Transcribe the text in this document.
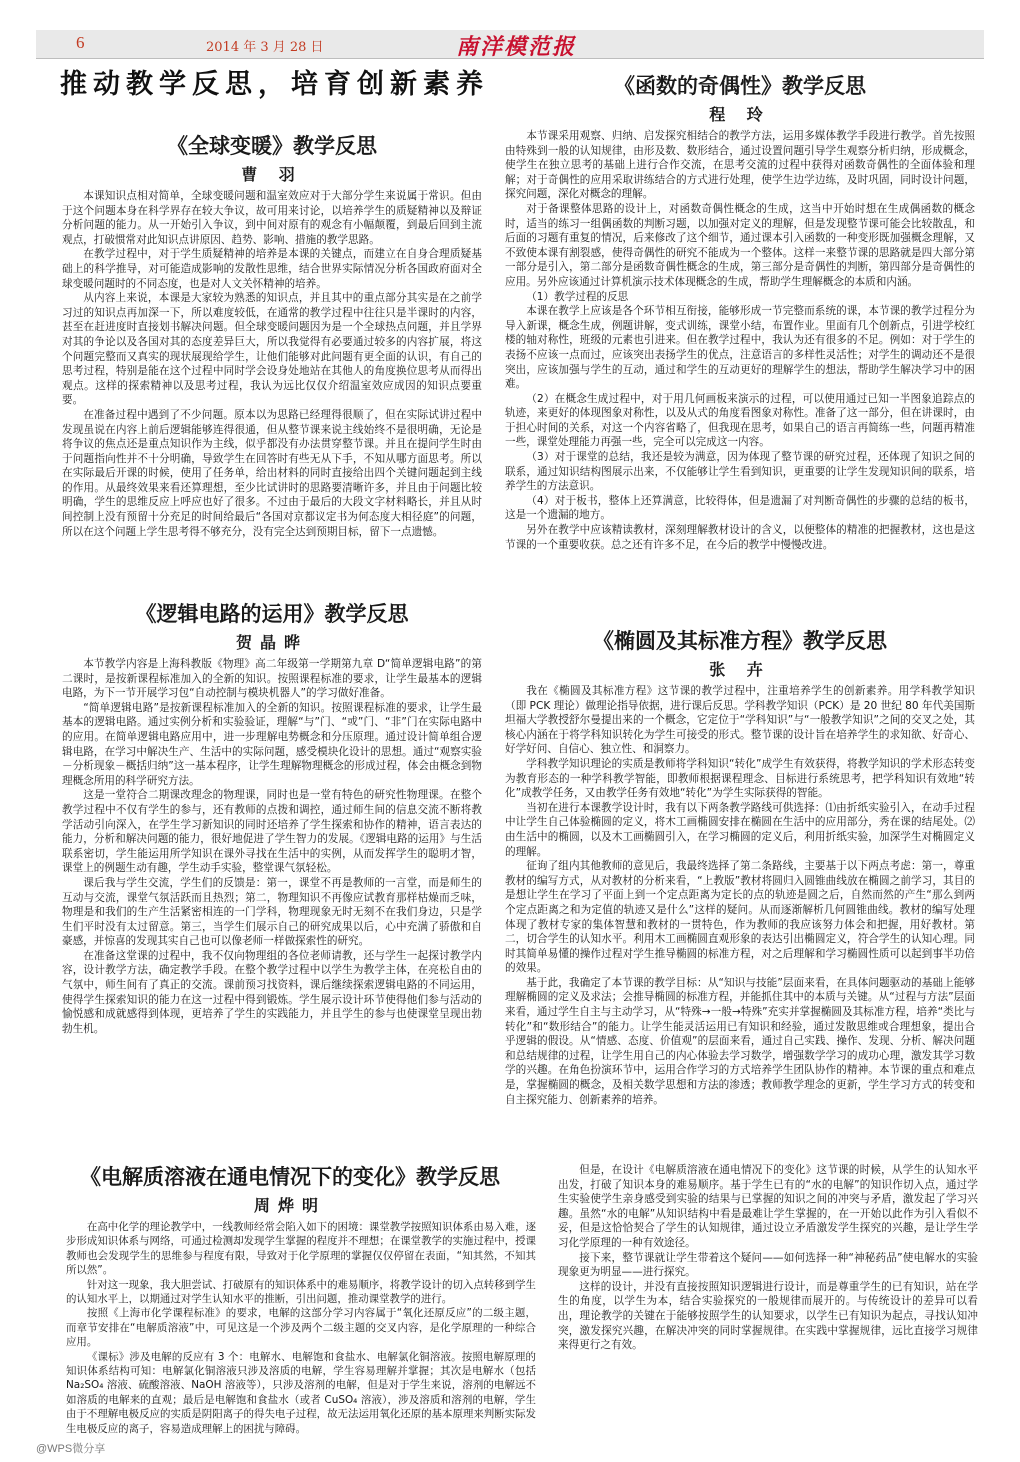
6	2014 年 3 月 28 日	南洋模范报
推动教学反思，培育创新素养
《全球变暖》教学反思
曹 羽

本课知识点相对简单，全球变暖问题和温室效应对于大部分学生来说属于常识。但由于这个问题本身在科学界存在较大争议，故可用来讨论，以培养学生的质疑精神以及辩证分析问题的能力。从一开始引入争议，到中间对原有的观念有小幅颠覆，到最后回到主流观点，打破惯常对此知识点讲原因、趋势、影响、措施的教学思路。

在教学过程中，对于学生质疑精神的培养是本课的关键点，而建立在自身合理质疑基础上的科学推导，对可能造成影响的发散性思维，结合世界实际情况分析各国政府面对全球变暖问题时的不同态度，也是对人文关怀精神的培养。

从内容上来说，本课是大家较为熟悉的知识点，并且其中的重点部分其实是在之前学习过的知识点再加深一下，所以难度较低，在通常的教学过程中往往只是半课时的内容，甚至在赶进度时直接划书解决问题。但全球变暖问题因为是一个全球热点问题，并且学界对其的争论以及各国对其的态度差异巨大，所以我觉得有必要通过较多的内容扩展，将这个问题完整而又真实的现状展现给学生，让他们能够对此问题有更全面的认识，有自己的思考过程，特别是能在这个过程中同时学会设身处地站在其他人的角度换位思考从而得出观点。这样的探索精神以及思考过程，我认为远比仅仅介绍温室效应成因的知识点要重要。

在准备过程中遇到了不少问题。原本以为思路已经理得很顺了，但在实际试讲过程中发现虽说在内容上前后逻辑能够连得很通，但从整节课来说主线始终不是很明确，无论是将争议的焦点还是重点知识作为主线，似乎都没有办法贯穿整节课。并且在提问学生时由于问题指向性并不十分明确，导致学生在回答时有些无从下手，不知从哪方面思考。所以在实际最后开课的时候，使用了任务单，给出材料的同时直接给出四个关键问题起到主线的作用。从最终效果来看还算理想，至少比试讲时的思路要清晰许多，并且由于问题比较明确，学生的思维反应上呼应也好了很多。不过由于最后的大段文字材料略长，并且从时间控制上没有预留十分充足的时间给最后“各国对京都议定书为何态度大相径庭”的问题，所以在这个问题上学生思考得不够充分，没有完全达到预期目标，留下一点遗憾。

《函数的奇偶性》教学反思
程 玲

本节课采用观察、归纳、启发探究相结合的教学方法，运用多媒体教学手段进行教学。首先按照由特殊到一般的认知规律，由形及数、数形结合，通过设置问题引导学生观察分析归纳，形成概念，使学生在独立思考的基础上进行合作交流，在思考交流的过程中获得对函数奇偶性的全面体验和理解；对于奇偶性的应用采取讲练结合的方式进行处理，使学生边学边练，及时巩固，同时设计问题，探究问题，深化对概念的理解。

对于备课整体思路的设计上，对函数奇偶性概念的生成，这当中开始时想在生成偶函数的概念时，适当的练习一组偶函数的判断习题，以加强对定义的理解，但是发现整节课可能会比较散乱，和后面的习题有重复的情况，后来修改了这个细节，通过课本引入函数的一种变形既加强概念理解，又不致使本课有割裂感，使得奇偶性的研究不能成为一个整体。这样一来整节课的思路就是四大部分第一部分是引入，第二部分是函数奇偶性概念的生成，第三部分是奇偶性的判断，第四部分是奇偶性的应用。另外应该通过计算机演示技术体现概念的生成，帮助学生理解概念的本质和内涵。

（1）教学过程的反思

本课在教学上应该是各个环节相互衔接，能够形成一节完整而系统的课，本节课的教学过程分为导入新课，概念生成，例题讲解，变式训练，课堂小结，布置作业。里面有几个创新点，引进学校红楼的轴对称性，班级的元素也引进来。但在教学过程中，我认为还有很多的不足。例如：对于学生的表扬不应该一点而过，应该突出表扬学生的优点，注意语言的多样性灵活性；对学生的调动还不是很突出，应该加强与学生的互动，通过和学生的互动更好的理解学生的想法，帮助学生解决学习中的困难。

（2）在概念生成过程中，对于用几何画板来演示的过程，可以使用通过已知一半图象追踪点的轨迹，来更好的体现图象对称性，以及从式的角度看图象对称性。准备了这一部分，但在讲课时，由于担心时间的关系，对这一个内容省略了，但我现在思考，如果自己的语言再简练一些，问题再精准一些，课堂处理能力再强一些，完全可以完成这一内容。

（3）对于课堂的总结，我还是较为满意，因为体现了整节课的研究过程，还体现了知识之间的联系，通过知识结构图展示出来，不仅能够让学生看到知识，更重要的让学生发现知识间的联系，培养学生的方法意识。

（4）对于板书，整体上还算满意，比较得体，但是遗漏了对判断奇偶性的步骤的总结的板书，这是一个遗漏的地方。

另外在教学中应该精读教材，深刻理解教材设计的含义，以便整体的精准的把握教材，这也是这节课的一个重要收获。总之还有许多不足，在今后的教学中慢慢改进。

《逻辑电路的运用》教学反思
贺晶晔

本节教学内容是上海科教版《物理》高二年级第一学期第九章 D“简单逻辑电路”的第二课时，是按新课程标准加入的全新的知识。按照课程标准的要求，让学生最基本的逻辑电路，为下一节开展学习包“自动控制与模块机器人”的学习做好准备。

“简单逻辑电路”是按新课程标准加入的全新的知识。按照课程标准的要求，让学生最基本的逻辑电路。通过实例分析和实验验证，理解“与”门、“或”门、“非”门在实际电路中的应用。在简单逻辑电路应用中，进一步理解电势概念和分压原理。通过设计简单组合逻辑电路，在学习中解决生产、生活中的实际问题，感受模块化设计的思想。通过“观察实验－分析现象－概括归纳”这一基本程序，让学生理解物理概念的形成过程，体会由概念到物理概念所用的科学研究方法。

这是一堂符合二期课改理念的物理课，同时也是一堂有特色的研究性物理课。在整个教学过程中不仅有学生的参与，还有教师的点拨和调控，通过师生间的信息交流不断将教学活动引向深入，在学生学习新知识的同时还培养了学生探索和协作的精神，语言表达的能力，分析和解决问题的能力，很好地促进了学生智力的发展。《逻辑电路的运用》与生活联系密切，学生能运用所学知识在课外寻找在生活中的实例，从而发挥学生的聪明才智，课堂上的例题生动有趣，学生动手实验，整堂课气氛轻松。

课后我与学生交流，学生们的反馈是：第一，课堂不再是教师的一言堂，而是师生的互动与交流，课堂气氛活跃而且热烈；第二，物理知识不再像应试教育那样枯燥而乏味，物理是和我们的生产生活紧密相连的一门学科，物理现象无时无刻不在我们身边，只是学生们平时没有太过留意。第三，当学生们展示自己的研究成果以后，心中充满了骄傲和自豪感，并惊喜的发现其实自己也可以像老师一样做探索性的研究。

在准备这堂课的过程中，我不仅向物理组的各位老师请教，还与学生一起探讨教学内容，设计教学方法，确定教学手段。在整个教学过程中以学生为教学主体，在亮松自由的气氛中，师生间有了真正的交流。课前预习找资料，课后继续探索逻辑电路的不同运用，使得学生探索知识的能力在这一过程中得到锻炼。学生展示设计环节使得他们参与活动的愉悦感和成就感得到体现，更培养了学生的实践能力，并且学生的参与也使课堂呈现出勃勃生机。

《椭圆及其标准方程》教学反思
张 卉

我在《椭圆及其标准方程》这节课的教学过程中，注重培养学生的创新素养。用学科教学知识（即 PCK 理论）做理论指导依据，进行课后反思。学科教学知识（PCK）是 20 世纪 80 年代美国斯坦福大学教授舒尔曼提出来的一个概念，它定位于“学科知识”与“一般教学知识”之间的交叉之处，其核心内涵在于将学科知识转化为学生可接受的形式。整节课的设计旨在培养学生的求知欲、好奇心、好学好问、自信心、独立性、和洞察力。

学科教学知识理论的实质是教师将学科知识“转化”成学生有效获得，将教学知识的学术形态转变为教育形态的一种学科教学智能，即教师根据课程理念、目标进行系统思考，把学科知识有效地“转化”成教学任务，又由教学任务有效地“转化”为学生实际获得的智能。

当初在进行本课教学设计时，我有以下两条教学路线可供选择：⑴由折纸实验引入，在动手过程中让学生自己体验椭圆的定义，将木工画椭圆安排在椭圆在生活中的应用部分，秀在课的结尾处。⑵由生活中的椭圆，以及木工画椭圆引入，在学习椭圆的定义后，利用折纸实验，加深学生对椭圆定义的理解。

征询了组内其他教师的意见后，我最终选择了第二条路线，主要基于以下两点考虑：第一，尊重教材的编写方式，从对教材的分析来看，“上教版”教材将圆归入圆锥曲线放在椭圆之前学习，其目的是想让学生在学习了平面上到一个定点距离为定长的点的轨迹是圆之后，自然而然的产生“那么到两个定点距离之和为定值的轨迹又是什么”这样的疑问。从而逐渐解析几何圆锥曲线。教材的编写处理体现了教材专家的集体智慧和教材的一贯特色，作为教师的我应该努力体会和把握，用好教材。第二，切合学生的认知水平。利用木工画椭圆直观形象的表达引出椭圆定义，符合学生的认知心理。同时其简单易懂的操作过程对学生推导椭圆的标准方程，对之后理解和学习椭圆性质可以起到事半功倍的效果。

基于此，我确定了本节课的教学目标：从“知识与技能”层面来看，在具体问题驱动的基础上能够理解椭圆的定义及求法；会推导椭圆的标准方程，并能抓住其中的本质与关键。从“过程与方法”层面来看，通过学生自主与主动学习，从“特殊→一般→特殊”充实并掌握椭圆及其标准方程，培养“类比与转化”和“数形结合”的能力。让学生能灵活运用已有知识和经验，通过发散思维或合理想象，提出合乎逻辑的假设。从“情感、态度、价值观”的层面来看，通过自己实践、操作、发现、分析、解决问题和总结规律的过程，让学生用自己的内心体验去学习数学，增强数学学习的成功心理，激发其学习数学的兴趣。在角色扮演环节中，运用合作学习的方式培养学生团队协作的精神。本节课的重点和难点是，掌握椭圆的概念，及相关数学思想和方法的渗透；教师教学理念的更新，学生学习方式的转变和自主探究能力、创新素养的培养。

《电解质溶液在通电情况下的变化》教学反思
周烨明

在高中化学的理论教学中，一线教师经常会陷入如下的困境：课堂教学按照知识体系由易入难，逐步形成知识体系与网络，可通过检测却发现学生掌握的程度并不理想；在课堂教学的实施过程中，授课教师也会发现学生的思维参与程度有限，导致对于化学原理的掌握仅仅停留在表面，“知其然，不知其所以然”。

针对这一现象，我大胆尝试、打破原有的知识体系中的难易顺序，将教学设计的切入点转移到学生的认知水平上，以期通过对学生认知水平的推断，引出问题，推动课堂教学的进行。

按照《上海市化学课程标准》的要求，电解的这部分学习内容属于“氧化还原反应”的二级主题，而章节安排在“电解质溶液”中，可见这是一个涉及两个二级主题的交叉内容，是化学原理的一种综合应用。

《课标》涉及电解的反应有 3 个：电解水、电解饱和食盐水、电解氯化铜溶液。按照电解原理的知识体系结构可知：电解氯化铜溶液只涉及溶质的电解，学生容易理解并掌握；其次是电解水（包括 Na₂SO₄ 溶液、硫酸溶液、NaOH 溶液等），只涉及溶剂的电解，但是对于学生来说，溶剂的电解远不如溶质的电解来的直观；最后是电解饱和食盐水（或者 CuSO₄ 溶液），涉及溶质和溶剂的电解，学生由于不理解电极反应的实质是阴阳离子的得失电子过程，故无法运用氧化还原的基本原理来判断实际发生电极反应的离子，容易造成理解上的困扰与障碍。

但是，在设计《电解质溶液在通电情况下的变化》这节课的时候，从学生的认知水平出发，打破了知识本身的难易顺序。基于学生已有的“水的电解”的知识作切入点，通过学生实验使学生亲身感受到实验的结果与已掌握的知识之间的冲突与矛盾，激发起了学习兴趣。虽然“水的电解”从知识结构中看是最难让学生掌握的，在一开始以此作为引入看似不妥，但是这恰恰契合了学生的认知规律，通过设立矛盾激发学生探究的兴趣，是让学生学习化学原理的一种有效途径。

接下来，整节课就让学生带着这个疑问——如何选择一种“神秘药品”使电解水的实验现象更为明显——进行探究。

这样的设计，并没有直接按照知识逻辑进行设计，而是尊重学生的已有知识，站在学生的角度，以学生为本，结合实验探究的一般规律而展开的。与传统设计的差异可以看出，理论教学的关键在于能够按照学生的认知要求，以学生已有知识为起点，寻找认知冲突，激发探究兴趣，在解决冲突的同时掌握规律。在实践中掌握规律，远比直接学习规律来得更行之有效。

@WPS微分享
